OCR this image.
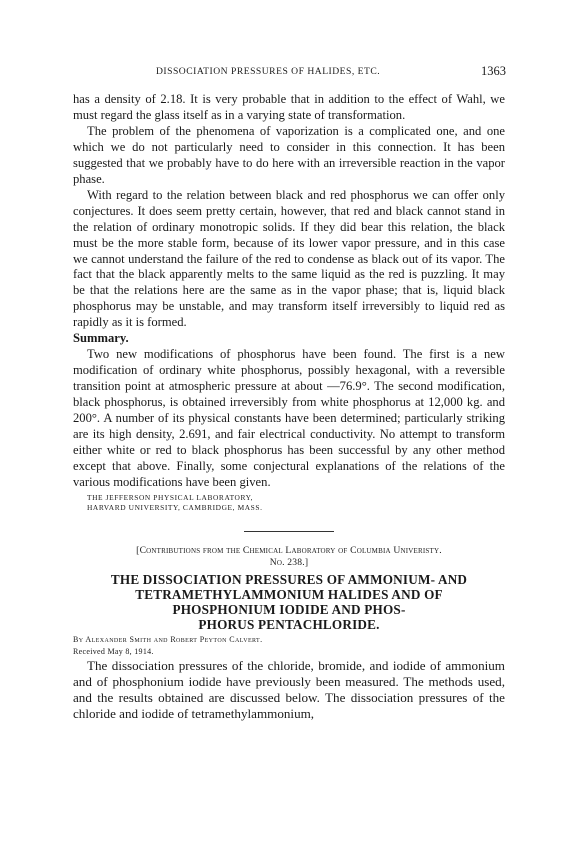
DISSOCIATION PRESSURES OF HALIDES, ETC.	1363

has a density of 2.18. It is very probable that in addition to the effect of Wahl, we must regard the glass itself as in a varying state of transformation.

The problem of the phenomena of vaporization is a complicated one, and one which we do not particularly need to consider in this connection. It has been suggested that we probably have to do here with an irreversible reaction in the vapor phase.

With regard to the relation between black and red phosphorus we can offer only conjectures. It does seem pretty certain, however, that red and black cannot stand in the relation of ordinary monotropic solids. If they did bear this relation, the black must be the more stable form, because of its lower vapor pressure, and in this case we cannot understand the failure of the red to condense as black out of its vapor. The fact that the black apparently melts to the same liquid as the red is puzzling. It may be that the relations here are the same as in the vapor phase; that is, liquid black phosphorus may be unstable, and may transform itself irreversibly to liquid red as rapidly as it is formed.

Summary.

Two new modifications of phosphorus have been found. The first is a new modification of ordinary white phosphorus, possibly hexagonal, with a reversible transition point at atmospheric pressure at about —76.9°. The second modification, black phosphorus, is obtained irreversibly from white phosphorus at 12,000 kg. and 200°. A number of its physical constants have been determined; particularly striking are its high density, 2.691, and fair electrical conductivity. No attempt to transform either white or red to black phosphorus has been successful by any other method except that above. Finally, some conjectural explanations of the relations of the various modifications have been given.

THE JEFFERSON PHYSICAL LABORATORY,
HARVARD UNIVERSITY, CAMBRIDGE, MASS.
[Contributions from the Chemical Laboratory of Columbia Univeristy.
No. 238.]
THE DISSOCIATION PRESSURES OF AMMONIUM- AND
TETRAMETHYLAMMONIUM HALIDES AND OF
PHOSPHONIUM IODIDE AND PHOS-
PHORUS PENTACHLORIDE.

By Alexander Smith and Robert Peyton Calvert.

Received May 8, 1914.

The dissociation pressures of the chloride, bromide, and iodide of ammonium and of phosphonium iodide have previously been measured. The methods used, and the results obtained are discussed below. The dissociation pressures of the chloride and iodide of tetramethylammonium,
